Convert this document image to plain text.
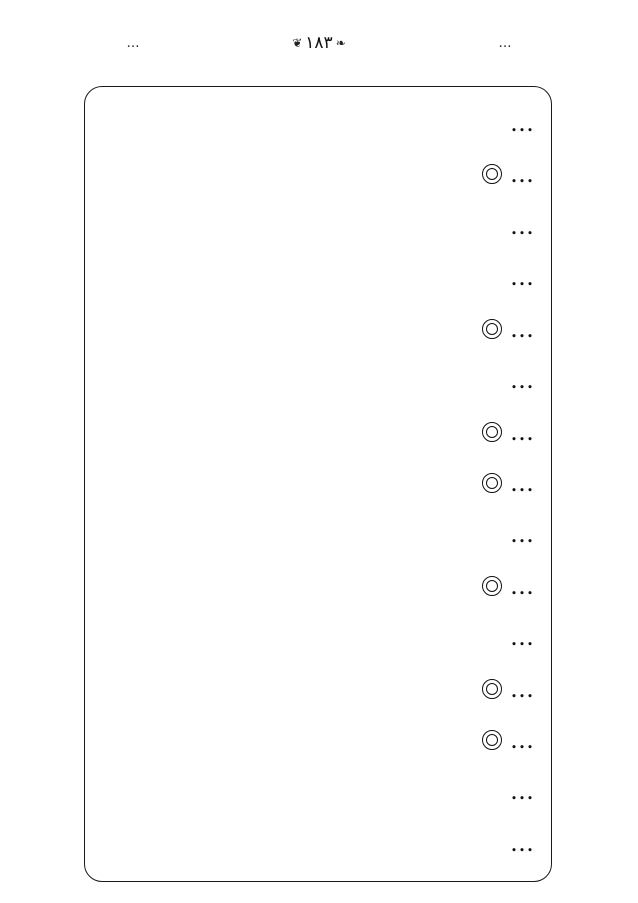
…
❧
١٨٣
❦
…
…
…
…
…
…
…
…
…
…
…
…
…
…
…
…
